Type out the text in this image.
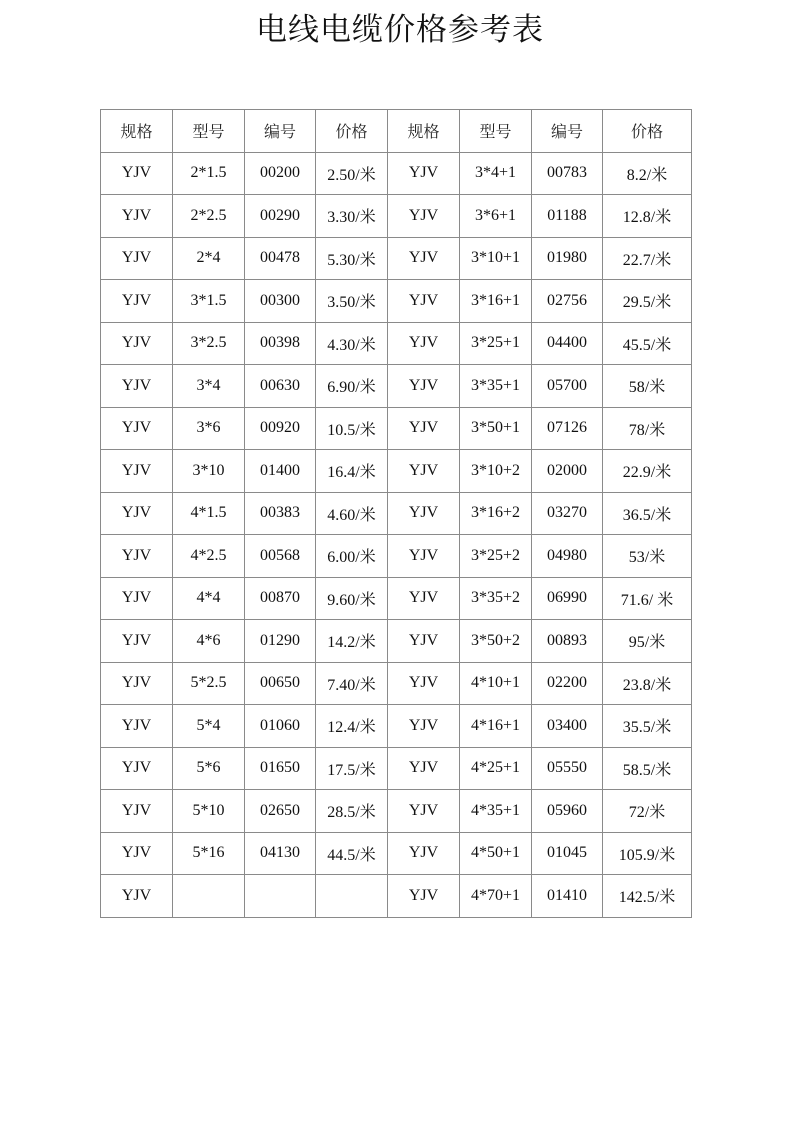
电线电缆价格参考表
规格	型号	编号	价格	规格	型号	编号	价格
YJV	2*1.5	00200	2.50/米	YJV	3*4+1	00783	8.2/米
YJV	2*2.5	00290	3.30/米	YJV	3*6+1	01188	12.8/米
YJV	2*4	00478	5.30/米	YJV	3*10+1	01980	22.7/米
YJV	3*1.5	00300	3.50/米	YJV	3*16+1	02756	29.5/米
YJV	3*2.5	00398	4.30/米	YJV	3*25+1	04400	45.5/米
YJV	3*4	00630	6.90/米	YJV	3*35+1	05700	58/米
YJV	3*6	00920	10.5/米	YJV	3*50+1	07126	78/米
YJV	3*10	01400	16.4/米	YJV	3*10+2	02000	22.9/米
YJV	4*1.5	00383	4.60/米	YJV	3*16+2	03270	36.5/米
YJV	4*2.5	00568	6.00/米	YJV	3*25+2	04980	53/米
YJV	4*4	00870	9.60/米	YJV	3*35+2	06990	71.6/ 米
YJV	4*6	01290	14.2/米	YJV	3*50+2	00893	95/米
YJV	5*2.5	00650	7.40/米	YJV	4*10+1	02200	23.8/米
YJV	5*4	01060	12.4/米	YJV	4*16+1	03400	35.5/米
YJV	5*6	01650	17.5/米	YJV	4*25+1	05550	58.5/米
YJV	5*10	02650	28.5/米	YJV	4*35+1	05960	72/米
YJV	5*16	04130	44.5/米	YJV	4*50+1	01045	105.9/米
YJV				YJV	4*70+1	01410	142.5/米
